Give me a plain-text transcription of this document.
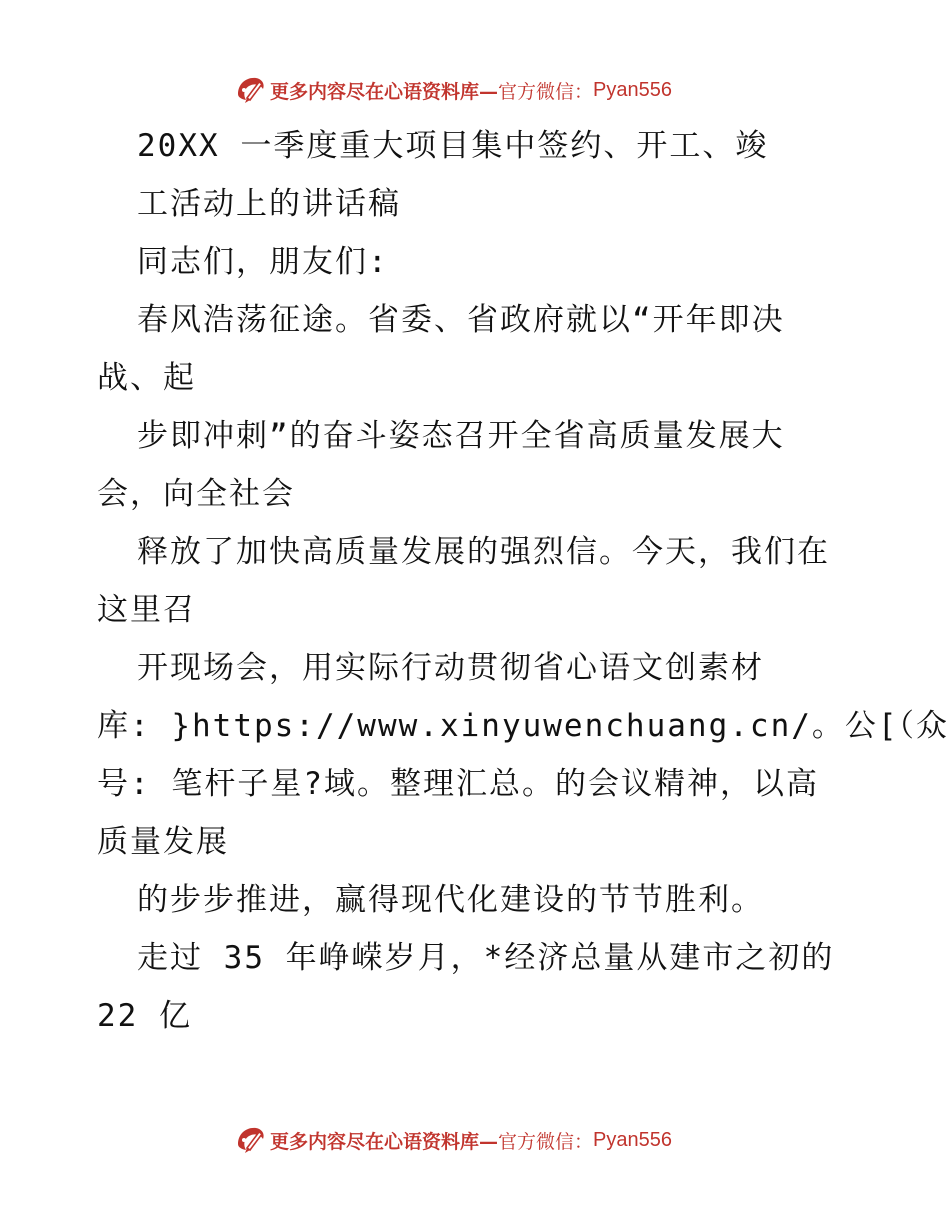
更多内容尽在心语资料库— 官方微信： Pyan556
20XX 一季度重大项目集中签约、开工、竣
工活动上的讲话稿
同志们，朋友们:
春风浩荡征途。省委、省政府就以“开年即决
战、起
步即冲刺”的奋斗姿态召开全省高质量发展大
会，向全社会
释放了加快高质量发展的强烈信。今天，我们在
这里召
开现场会，用实际行动贯彻省心语文创素材
库: }https://www.xinyuwenchuang.cn/。公[（众
号: 笔杆子星?域。整理汇总。的会议精神，以高
质量发展
的步步推进，赢得现代化建设的节节胜利。
走过 35 年峥嵘岁月，*经济总量从建市之初的
22 亿
更多内容尽在心语资料库— 官方微信： Pyan556
